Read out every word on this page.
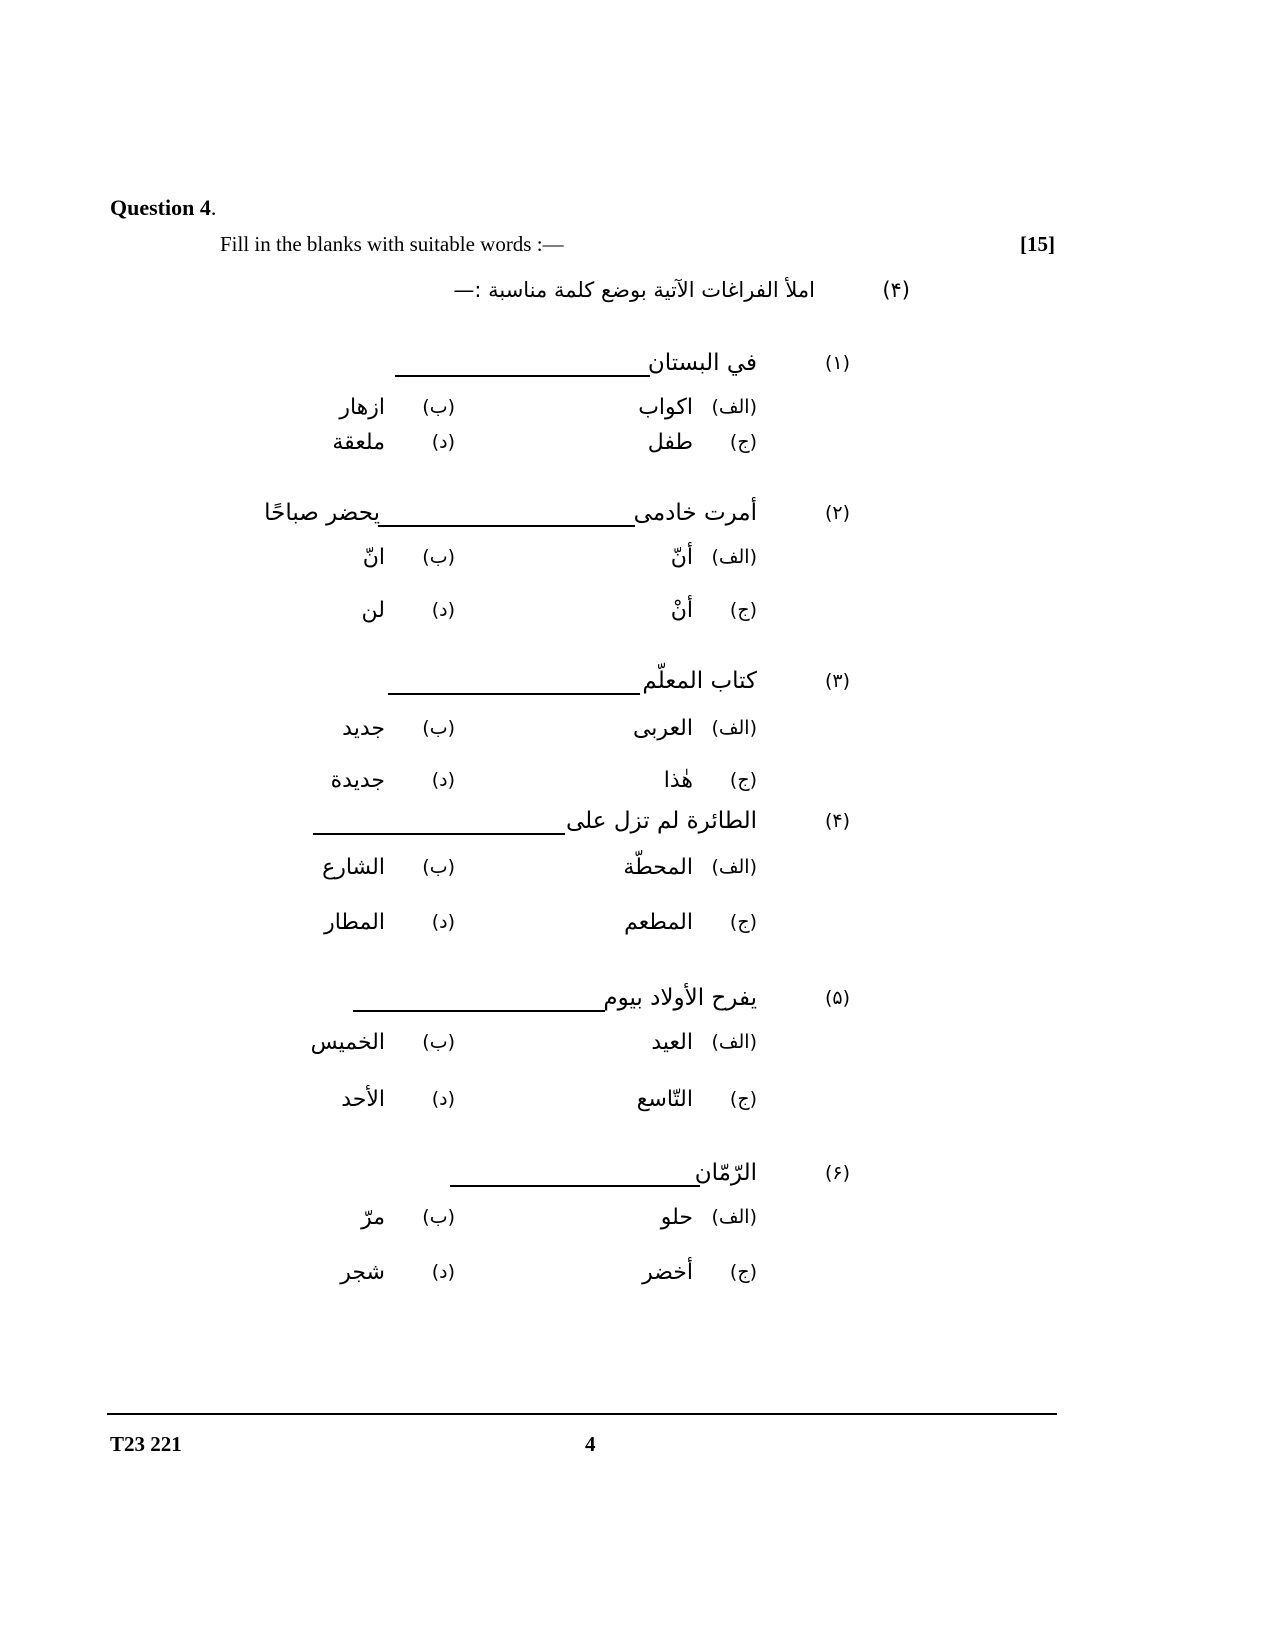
Question 4.
Fill in the blanks with suitable words :—	[15]
(۴)
املأ الفراغات الآتية بوضع كلمة مناسبة :—
(۱)
في البستان
(الف)
اکواب
(ب)
ازهار
(ج)
طفل
(د)
ملعقة
(۲)
أمرت خادمی
يحضر صباحًا
(الف)
أنّ
(ب)
انّ
(ج)
أنْ
(د)
لن
(۳)
كتاب المعلّم
(الف)
العربی
(ب)
جديد
(ج)
هٰذا
(د)
جديدة
(۴)
الطائرة لم تزل على
(الف)
المحطّة
(ب)
الشارع
(ج)
المطعم
(د)
المطار
(۵)
يفرح الأولاد بيوم
(الف)
العيد
(ب)
الخميس
(ج)
التّاسع
(د)
الأحد
(۶)
الرّمّان
(الف)
حلو
(ب)
مرّ
(ج)
أخضر
(د)
شجر
T23 221	4
